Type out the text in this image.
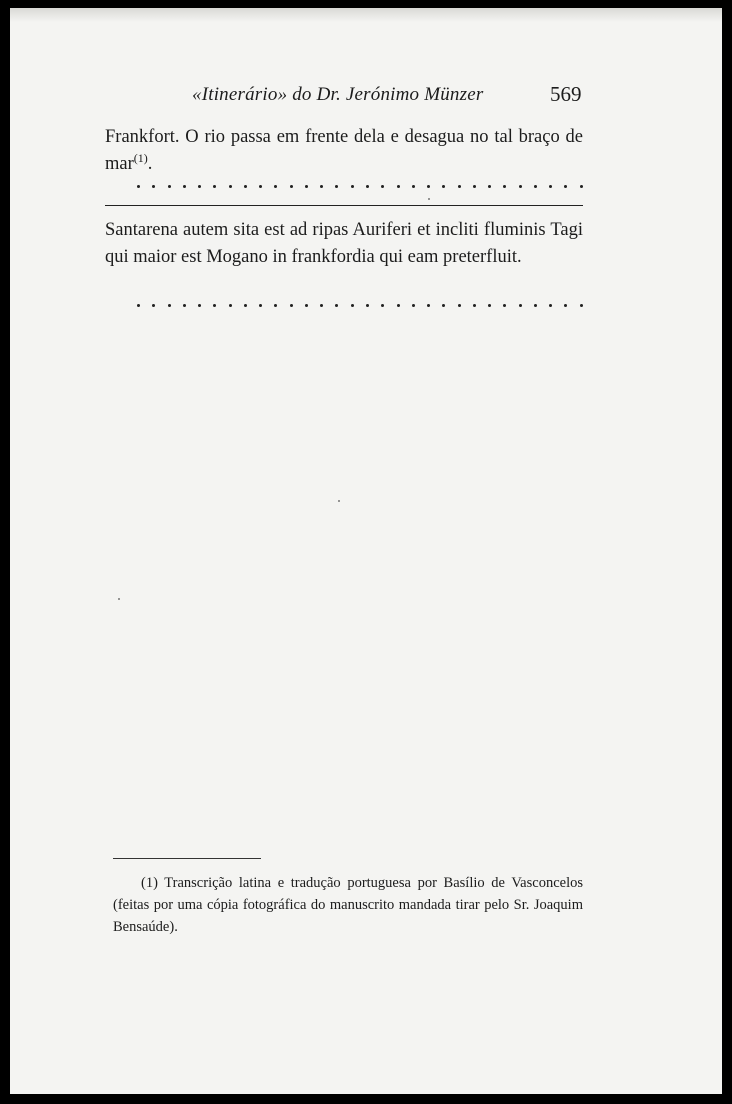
«Itinerário» do Dr. Jerónimo Münzer	569

Frankfort. O rio passa em frente dela e desagua no tal braço de mar$^{(1)}$.

Santarena autem sita est ad ripas Auriferi et incliti fluminis Tagi qui maior est Mogano in frankfordia qui eam preterfluit.

(1) Transcrição latina e tradução portuguesa por Basílio de Vasconcelos (feitas por uma cópia fotográfica do manuscrito mandada tirar pelo Sr. Joaquim Bensaúde).
